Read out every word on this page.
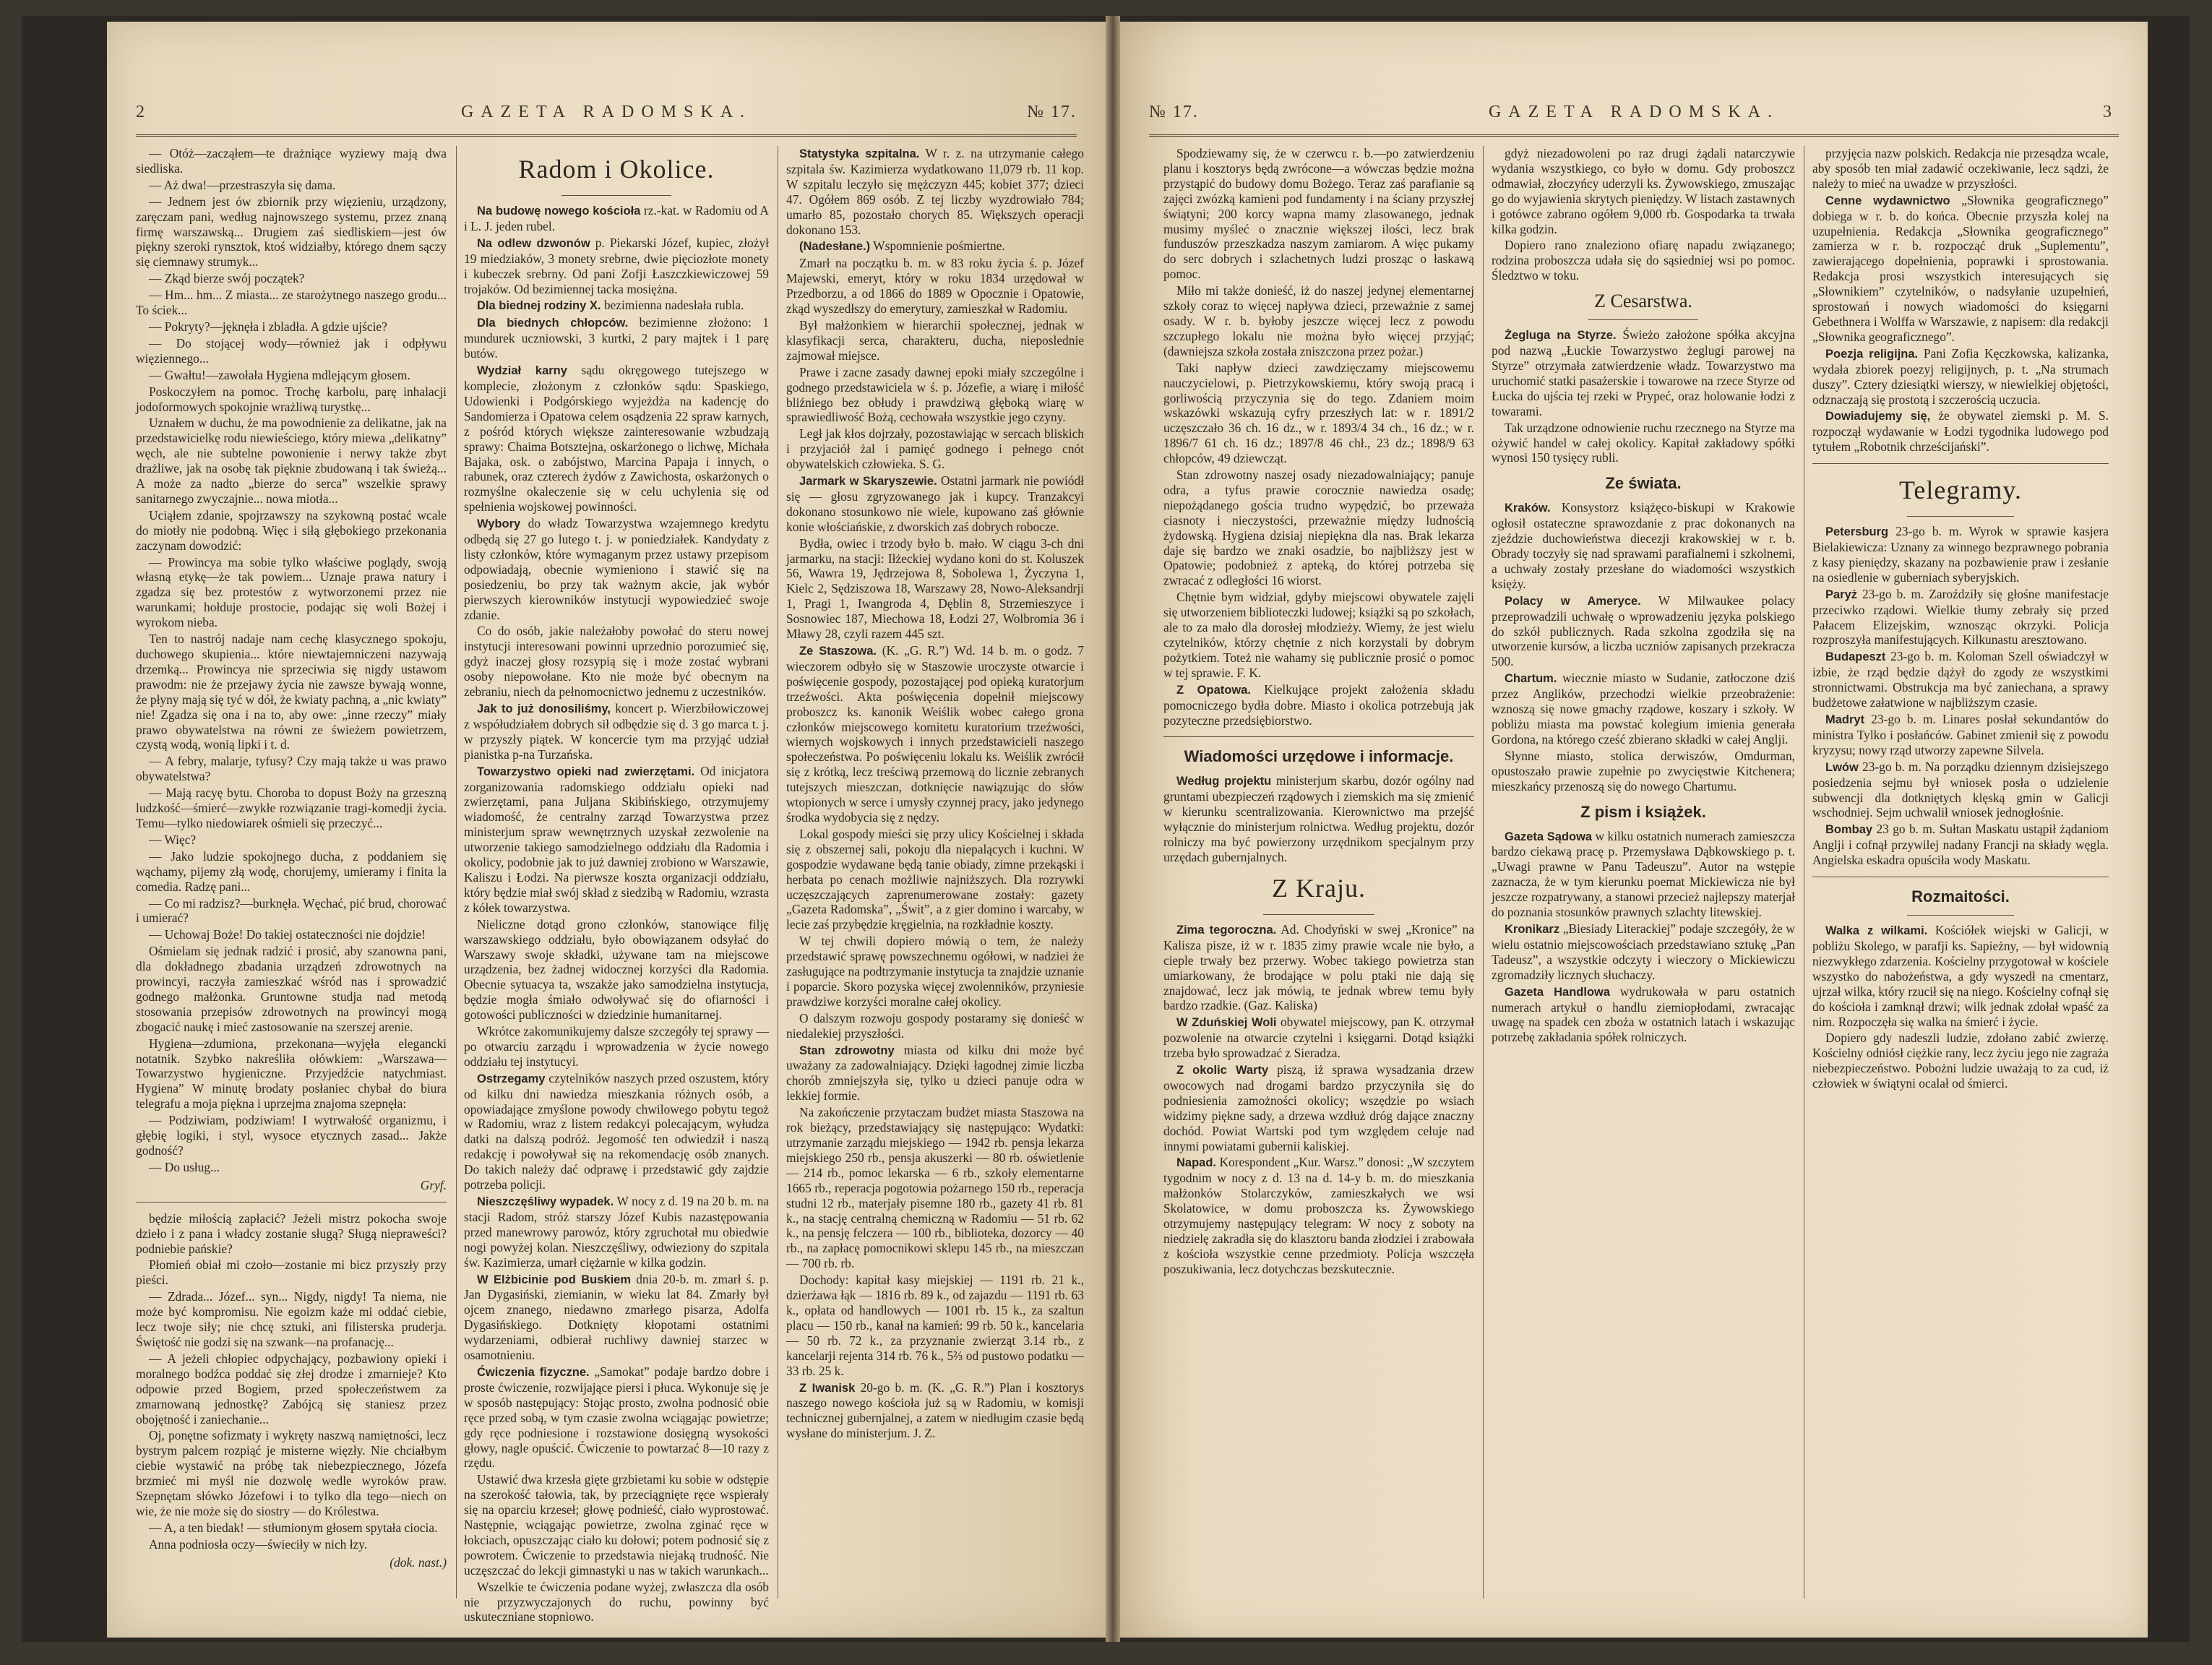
2	GAZETA RADOMSKA.	№ 17.

— Otóż—zacząłem—te drażniące wyziewy mają dwa siedliska.

— Aż dwa!—przestraszyła się dama.

— Jednem jest ów zbiornik przy więzieniu, urządzony, zaręczam pani, według najnowszego systemu, przez znaną firmę warszawską... Drugiem zaś siedliskiem—jest ów piękny szeroki rynsztok, ktoś widziałby, którego dnem sączy się ciemnawy strumyk...

— Zkąd bierze swój początek?

— Hm... hm... Z miasta... ze starożytnego naszego grodu... To ściek...

— Pokryty?—jęknęła i zbladła. A gdzie ujście?

— Do stojącej wody—również jak i odpływu więziennego...

— Gwałtu!—zawołała Hygiena mdlejącym głosem.

Poskoczyłem na pomoc. Trochę karbolu, parę inhalacji jodoformowych spokojnie wrażliwą turystkę...

Uznałem w duchu, że ma powodnienie za delikatne, jak na przedstawicielkę rodu niewieściego, który miewa „delikatny” węch, ale nie subtelne powonienie i nerwy także zbyt drażliwe, jak na osobę tak pięknie zbudowaną i tak świeżą... A może za nadto „bierze do serca” wszelkie sprawy sanitarnego zwyczajnie... nowa miotła...

Uciąłem zdanie, spojrzawszy na szykowną postać wcale do miotły nie podobną. Więc i siłą głębokiego przekonania zaczynam dowodzić:

— Prowincya ma sobie tylko właściwe poglądy, swoją własną etykę—że tak powiem... Uznaje prawa natury i zgadza się bez protestów z wytworzonemi przez nie warunkami; hołduje prostocie, podając się woli Bożej i wyrokom nieba.

Ten to nastrój nadaje nam cechę klasycznego spokoju, duchowego skupienia... które niewtajemniczeni nazywają drzemką... Prowincya nie sprzeciwia się nigdy ustawom prawodm: nie że przejawy życia nie zawsze bywają wonne, że płyny mają się tyć w dół, że kwiaty pachną, a „nic kwiaty” nie! Zgadza się ona i na to, aby owe: „inne rzeczy” miały prawo obywatelstwa na równi ze świeżem powietrzem, czystą wodą, wonią lipki i t. d.

— A febry, malarje, tyfusy? Czy mają także u was prawo obywatelstwa?

— Mają racyę bytu. Choroba to dopust Boży na grzeszną ludzkość—śmierć—zwykłe rozwiązanie tragi-komedji życia. Temu—tylko niedowiarek ośmieli się przeczyć...

— Więc?

— Jako ludzie spokojnego ducha, z poddaniem się wąchamy, pijemy złą wodę, chorujemy, umieramy i finita la comedia. Radzę pani...

— Co mi radzisz?—burknęła. Węchać, pić brud, chorować i umierać?

— Uchowaj Boże! Do takiej ostateczności nie dojdzie!

Ośmielam się jednak radzić i prosić, aby szanowna pani, dla dokładnego zbadania urządzeń zdrowotnych na prowincyi, raczyła zamieszkać wśród nas i sprowadzić godnego małżonka. Gruntowne studja nad metodą stosowania przepisów zdrowotnych na prowincyi mogą zbogacić naukę i mieć zastosowanie na szerszej arenie.

Hygiena—zdumiona, przekonana—wyjęła elegancki notatnik. Szybko nakreśliła ołówkiem: „Warszawa—Towarzystwo hygieniczne. Przyjedźcie natychmiast. Hygiena” W minutę brodaty posłaniec chybał do biura telegrafu a moja piękna i uprzejma znajoma szepnęła:

— Podziwiam, podziwiam! I wytrwałość organizmu, i głębię logiki, i styl, wysoce etycznych zasad... Jakże godność?

— Do usług...

Gryf.

będzie miłością zapłacić? Jeżeli mistrz pokocha swoje dzieło i z pana i władcy zostanie sługą? Sługą niepraweści? podniebie pańskie?

Płomień obiał mi czoło—zostanie mi bicz przyszły przy pieści.

— Zdrada... Józef... syn... Nigdy, nigdy! Ta niema, nie może być kompromisu. Nie egoizm każe mi oddać ciebie, lecz twoje siły; nie chcę sztuki, ani filisterska pruderja. Świętość nie godzi się na szwank—na profanację...

— A jeżeli chłopiec odpychający, pozbawiony opieki i moralnego bodźca poddać się złej drodze i zmarnieje? Kto odpowie przed Bogiem, przed społeczeństwem za zmarnowaną jednostkę? Zabójcą się staniesz przez obojętność i zaniechanie...

Oj, ponętne sofizmaty i wykręty naszwą namiętności, lecz bystrym palcem rozpiąć je misterne więzły. Nie chciałbym ciebie wystawić na próbę tak niebezpiecznego, Józefa brzmieć mi myśl nie dozwolę wedle wyroków praw. Szepnętam słówko Józefowi i to tylko dla tego—niech on wie, że nie może się do siostry — do Królestwa.

— A, a ten biedak! — stłumionym głosem spytała ciocia.

Anna podniosła oczy—świeciły w nich łzy.

(dok. nast.)
Radom i Okolice.

Na budowę nowego kościoła rz.-kat. w Radomiu od A i L. J. jeden rubel.

Na odlew dzwonów p. Piekarski Józef, kupiec, złożył 19 miedziaków, 3 monety srebrne, dwie pięciozłote monety i kubeczek srebrny. Od pani Zofji Łaszczkiewiczowej 59 trojaków. Od bezimiennej tacka mosiężna.

Dla biednej rodziny X. bezimienna nadesłała rubla.

Dla biednych chłopców. bezimienne złożono: 1 mundurek uczniowski, 3 kurtki, 2 pary majtek i 1 parę butów.

Wydział karny sądu okręgowego tutejszego w komplecie, złożonym z członków sądu: Spaskiego, Udowienki i Podgórskiego wyjeżdża na kadencję do Sandomierza i Opatowa celem osądzenia 22 spraw karnych, z pośród których większe zainteresowanie wzbudzają sprawy: Chaima Botsztejna, oskarżonego o lichwę, Michała Bajaka, osk. o zabójstwo, Marcina Papaja i innych, o rabunek, oraz czterech żydów z Zawichosta, oskarżonych o rozmyślne okaleczenie się w celu uchylenia się od spełnienia wojskowej powinności.

Wybory do władz Towarzystwa wzajemnego kredytu odbędą się 27 go lutego t. j. w poniedziałek. Kandydaty z listy członków, które wymaganym przez ustawy przepisom odpowiadają, obecnie wymieniono i stawić się na posiedzeniu, bo przy tak ważnym akcie, jak wybór pierwszych kierowników instytucji wypowiedzieć swoje zdanie.

Co do osób, jakie należałoby powołać do steru nowej instytucji interesowani powinni uprzednio porozumieć się, gdyż inaczej głosy rozsypią się i może zostać wybrani osoby niepowołane. Kto nie może być obecnym na zebraniu, niech da pełnomocnictwo jednemu z uczestników.

Jak to już donosiliśmy, koncert p. Wierzbiłowiczowej z współudziałem dobrych sił odbędzie się d. 3 go marca t. j. w przyszły piątek. W koncercie tym ma przyjąć udział pianistka p-na Turzańska.

Towarzystwo opieki nad zwierzętami. Od inicjatora zorganizowania radomskiego oddziału opieki nad zwierzętami, pana Juljana Skibińskiego, otrzymujemy wiadomość, że centralny zarząd Towarzystwa przez ministerjum spraw wewnętrznych uzyskał zezwolenie na utworzenie takiego samodzielnego oddziału dla Radomia i okolicy, podobnie jak to już dawniej zrobiono w Warszawie, Kaliszu i Łodzi. Na pierwsze koszta organizacji oddziału, który będzie miał swój skład z siedzibą w Radomiu, wzrasta z kółek towarzystwa.

Nieliczne dotąd grono członków, stanowiące filję warszawskiego oddziału, było obowiązanem odsyłać do Warszawy swoje składki, używane tam na miejscowe urządzenia, bez żadnej widocznej korzyści dla Radomia. Obecnie sytuacya ta, wszakże jako samodzielna instytucja, będzie mogła śmiało odwoływać się do ofiarności i gotowości publiczności w dziedzinie humanitarnej.

Wkrótce zakomunikujemy dalsze szczegóły tej sprawy — po otwarciu zarządu i wprowadzenia w życie nowego oddziału tej instytucyi.

Ostrzegamy czytelników naszych przed oszustem, który od kilku dni nawiedza mieszkania różnych osób, a opowiadające zmyślone powody chwilowego pobytu tegoż w Radomiu, wraz z listem redakcyi polecającym, wyłudza datki na dalszą podróż. Jegomość ten odwiedził i naszą redakcję i powoływał się na rekomendację osób znanych. Do takich należy dać odprawę i przedstawić gdy zajdzie potrzeba policji.

Nieszczęśliwy wypadek. W nocy z d. 19 na 20 b. m. na stacji Radom, stróż starszy Józef Kubis nazastępowania przed manewrowy parowóz, który zgruchotał mu obiedwie nogi powyżej kolan. Nieszczęśliwy, odwieziony do szpitala św. Kazimierza, umarł ciężarnie w kilka godzin.

W Elżbicinie pod Buskiem dnia 20-b. m. zmarł ś. p. Jan Dygasiński, ziemianin, w wieku lat 84. Zmarły był ojcem znanego, niedawno zmarłego pisarza, Adolfa Dygasińskiego. Dotknięty kłopotami ostatnimi wydarzeniami, odbierał ruchliwy dawniej starzec w osamotnieniu.

Ćwiczenia fizyczne. „Samokat” podaje bardzo dobre i proste ćwiczenie, rozwijające piersi i płuca. Wykonuje się je w sposób następujący: Stojąc prosto, zwolna podnosić obie ręce przed sobą, w tym czasie zwolna wciągając powietrze; gdy ręce podniesione i rozstawione dosięgną wysokości głowy, nagle opuścić. Ćwiczenie to powtarzać 8—10 razy z rzędu.

Ustawić dwa krzesła gięte grzbietami ku sobie w odstępie na szerokość tałowia, tak, by przeciągnięte ręce wspierały się na oparciu krzeseł; głowę podnieść, ciało wyprostować. Następnie, wciągając powietrze, zwolna zginać ręce w łokciach, opuszczając ciało ku dołowi; potem podnosić się z powrotem. Ćwiczenie to przedstawia niejaką trudność. Nie uczęszczać do lekcji gimnastyki u nas w takich warunkach...

Wszelkie te ćwiczenia podane wyżej, zwłaszcza dla osób nie przyzwyczajonych do ruchu, powinny być uskuteczniane stopniowo.

Statystyka szpitalna. W r. z. na utrzymanie całego szpitala św. Kazimierza wydatkowano 11,079 rb. 11 kop. W szpitalu leczyło się mężczyzn 445; kobiet 377; dzieci 47. Ogółem 869 osób. Z tej liczby wyzdrowiało 784; umarło 85, pozostało chorych 85. Większych operacji dokonano 153.

(Nadesłane.) Wspomnienie pośmiertne.

Zmarł na początku b. m. w 83 roku życia ś. p. Józef Majewski, emeryt, który w roku 1834 urzędował w Przedborzu, a od 1866 do 1889 w Opocznie i Opatowie, zkąd wyszedłszy do emerytury, zamieszkał w Radomiu.

Był małżonkiem w hierarchii społecznej, jednak w klasyfikacji serca, charakteru, ducha, nieposlednie zajmował miejsce.

Prawe i zacne zasady dawnej epoki miały szczególne i godnego przedstawiciela w ś. p. Józefie, a wiarę i miłość bliźniego bez obłudy i prawdziwą głęboką wiarę w sprawiedliwość Bożą, cechowała wszystkie jego czyny.

Legł jak kłos dojrzały, pozostawiając w sercach bliskich i przyjaciół żal i pamięć godnego i pełnego cnót obywatelskich człowieka. S. G.

Jarmark w Skaryszewie. Ostatni jarmark nie powiódł się — głosu zgryzowanego jak i kupcy. Tranzakcyi dokonano stosunkowo nie wiele, kupowano zaś głównie konie włościańskie, z dworskich zaś dobrych robocze.

Bydła, owiec i trzody było b. mało. W ciągu 3-ch dni jarmarku, na stacji: Iłżeckiej wydano koni do st. Koluszek 56, Wawra 19, Jędrzejowa 8, Sobolewa 1, Życzyna 1, Kielc 2, Sędziszowa 18, Warszawy 28, Nowo-Aleksandrji 1, Pragi 1, Iwangroda 4, Dęblin 8, Strzemieszyce i Sosnowiec 187, Miechowa 18, Łodzi 27, Wolbromia 36 i Mławy 28, czyli razem 445 szt.

Ze Staszowa. (K. „G. R.”) Wd. 14 b. m. o godz. 7 wieczorem odbyło się w Staszowie uroczyste otwarcie i poświęcenie gospody, pozostającej pod opieką kuratorjum trzeźwości. Akta poświęcenia dopełnił miejscowy proboszcz ks. kanonik Weiślik wobec całego grona członków miejscowego komitetu kuratorium trzeźwości, wiernych wojskowych i innych przedstawicieli naszego społeczeństwa. Po poświęceniu lokalu ks. Weiślik zwrócił się z krótką, lecz treściwą przemową do licznie zebranych tutejszych mieszczan, dotknięcie nawiązując do słów wtopionych w serce i umysły czynnej pracy, jako jedynego środka wydobycia się z nędzy.

Lokal gospody mieści się przy ulicy Kościelnej i składa się z obszernej sali, pokoju dla niepalących i kuchni. W gospodzie wydawane będą tanie obiady, zimne przekąski i herbata po cenach możliwie najniższych. Dla rozrywki uczęszczających zaprenumerowane zostały: gazety „Gazeta Radomska”, „Świt”, a z gier domino i warcaby, w lecie zaś przybędzie kręgielnia, na rozkładnie koszty.

W tej chwili dopiero mówią o tem, że należy przedstawić sprawę powszechnemu ogółowi, w nadziei że zasługujące na podtrzymanie instytucja ta znajdzie uznanie i poparcie. Skoro pozyska więcej zwolenników, przyniesie prawdziwe korzyści moralne całej okolicy.

O dalszym rozwoju gospody postaramy się donieść w niedalekiej przyszłości.

Stan zdrowotny miasta od kilku dni może być uważany za zadowalniający. Dzięki łagodnej zimie liczba chorób zmniejszyła się, tylko u dzieci panuje odra w lekkiej formie.

Na zakończenie przytaczam budżet miasta Staszowa na rok bieżący, przedstawiający się następująco: Wydatki: utrzymanie zarządu miejskiego — 1942 rb. pensja lekarza miejskiego 250 rb., pensja akuszerki — 80 rb. oświetlenie — 214 rb., pomoc lekarska — 6 rb., szkoły elementarne 1665 rb., reperacja pogotowia pożarnego 150 rb., reperacja studni 12 rb., materjały pisemne 180 rb., gazety 41 rb. 81 k., na stację centralną chemiczną w Radomiu — 51 rb. 62 k., na pensję felczera — 100 rb., biblioteka, dozorcy — 40 rb., na zapłacę pomocnikowi sklepu 145 rb., na mieszczan — 700 rb. rb.

Dochody: kapitał kasy miejskiej — 1191 rb. 21 k., dzierżawa łąk — 1816 rb. 89 k., od zajazdu — 1191 rb. 63 k., opłata od handlowych — 1001 rb. 15 k., za szaltun placu — 150 rb., kanał na kamień: 99 rb. 50 k., kancelaria — 50 rb. 72 k., za przyznanie zwierząt 3.14 rb., z kancelarji rejenta 314 rb. 76 k., 5⅔ od pustowo podatku — 33 rb. 25 k.

Z Iwanisk 20-go b. m. (K. „G. R.”) Plan i kosztorys naszego nowego kościoła już są w Radomiu, w komisji technicznej gubernjalnej, a zatem w niedługim czasie będą wysłane do ministerjum. J. Z.

№ 17.	GAZETA RADOMSKA.	3

Spodziewamy się, że w czerwcu r. b.—po zatwierdzeniu planu i kosztorys będą zwrócone—a wówczas będzie można przystąpić do budowy domu Bożego. Teraz zaś parafianie są zajęci zwózką kamieni pod fundamenty i na ściany przyszłej świątyni; 200 korcy wapna mamy zlasowanego, jednak musimy myśleć o znacznie większej ilości, lecz brak funduszów przeszkadza naszym zamiarom. A więc pukamy do serc dobrych i szlachetnych ludzi prosząc o łaskawą pomoc.

Miło mi także donieść, iż do naszej jedynej elementarnej szkoły coraz to więcej napływa dzieci, przeważnie z samej osady. W r. b. byłoby jeszcze więcej lecz z powodu szczupłego lokalu nie można było więcej przyjąć; (dawniejsza szkoła została zniszczona przez pożar.)

Taki napływ dzieci zawdzięczamy miejscowemu nauczycielowi, p. Pietrzykowskiemu, który swoją pracą i gorliwością przyczynia się do tego. Zdaniem moim wskazówki wskazują cyfry przeszłych lat: w r. 1891/2 uczęszczało 36 ch. 16 dz., w r. 1893/4 34 ch., 16 dz.; w r. 1896/7 61 ch. 16 dz.; 1897/8 46 chł., 23 dz.; 1898/9 63 chłopców, 49 dziewcząt.

Stan zdrowotny naszej osady niezadowalniający; panuje odra, a tyfus prawie corocznie nawiedza osadę; niepożądanego gościa trudno wypędzić, bo przeważa ciasnoty i nieczystości, przeważnie między ludnością żydowską. Hygiena dzisiaj niepiękna dla nas. Brak lekarza daje się bardzo we znaki osadzie, bo najbliższy jest w Opatowie; podobnież z apteką, do której potrzeba się zwracać z odległości 16 wiorst.

Chętnie bym widział, gdyby miejscowi obywatele zajęli się utworzeniem biblioteczki ludowej; książki są po szkołach, ale to za mało dla dorosłej młodzieży. Wiemy, że jest wielu czytelników, którzy chętnie z nich korzystali by dobrym pożytkiem. Toteż nie wahamy się publicznie prosić o pomoc w tej sprawie. F. K.

Z Opatowa. Kielkujące projekt założenia składu pomocniczego bydła dobre. Miasto i okolica potrzebują jak pozyteczne przedsiębiorstwo.

Wiadomości urzędowe i informacje.

Według projektu ministerjum skarbu, dozór ogólny nad gruntami ubezpieczeń rządowych i ziemskich ma się zmienić w kierunku scentralizowania. Kierownictwo ma przejść wyłącznie do ministerjum rolnictwa. Według projektu, dozór rolniczy ma być powierzony urzędnikom specjalnym przy urzędach gubernjalnych.

Z Kraju.

Zima tegoroczna. Ad. Chodyński w swej „Kronice” na Kalisza pisze, iż w r. 1835 zimy prawie wcale nie było, a cieple trwały bez przerwy. Wobec takiego powietrza stan umiarkowany, że brodające w polu ptaki nie dają się znajdować, lecz jak mówią, te jednak wbrew temu były bardzo rzadkie. (Gaz. Kaliska)

W Zduńskiej Woli obywatel miejscowy, pan K. otrzymał pozwolenie na otwarcie czytelni i księgarni. Dotąd książki trzeba było sprowadzać z Sieradza.

Z okolic Warty piszą, iż sprawa wysadzania drzew owocowych nad drogami bardzo przyczyniła się do podniesienia zamożności okolicy; wszędzie po wsiach widzimy piękne sady, a drzewa wzdłuż dróg dające znaczny dochód. Powiat Wartski pod tym względem celuje nad innymi powiatami gubernii kaliskiej.

Napad. Korespondent „Kur. Warsz.” donosi: „W szczytem tygodnim w nocy z d. 13 na d. 14-y b. m. do mieszkania małżonków Stolarczyków, zamieszkałych we wsi Skolatowice, w domu proboszcza ks. Żywowskiego otrzymujemy następujący telegram: W nocy z soboty na niedzielę zakradła się do klasztoru banda złodziei i zrabowała z kościoła wszystkie cenne przedmioty. Policja wszczęła poszukiwania, lecz dotychczas bezskutecznie.

gdyż niezadowoleni po raz drugi żądali natarczywie wydania wszystkiego, co było w domu. Gdy proboszcz odmawiał, złoczyńcy uderzyli ks. Żywowskiego, zmuszając go do wyjawienia skrytych pieniędzy. W listach zastawnych i gotówce zabrano ogółem 9,000 rb. Gospodarka ta trwała kilka godzin.

Dopiero rano znaleziono ofiarę napadu związanego; rodzina proboszcza udała się do sąsiedniej wsi po pomoc. Śledztwo w toku.

Z Cesarstwa.

Żegluga na Styrze. Świeżo założone spółka akcyjna pod nazwą „Łuckie Towarzystwo żeglugi parowej na Styrze” otrzymała zatwierdzenie władz. Towarzystwo ma uruchomić statki pasażerskie i towarowe na rzece Styrze od Łucka do ujścia tej rzeki w Prypeć, oraz holowanie łodzi z towarami.

Tak urządzone odnowienie ruchu rzecznego na Styrze ma ożywić handel w całej okolicy. Kapitał zakładowy spółki wynosi 150 tysięcy rubli.

Ze świata.

Kraków. Konsystorz książęco-biskupi w Krakowie ogłosił ostateczne sprawozdanie z prac dokonanych na zjeździe duchowieństwa diecezji krakowskiej w r. b. Obrady toczyły się nad sprawami parafialnemi i szkolnemi, a uchwały zostały przesłane do wiadomości wszystkich księży.

Polacy w Ameryce. W Milwaukee polacy przeprowadzili uchwałę o wprowadzeniu języka polskiego do szkół publicznych. Rada szkolna zgodziła się na utworzenie kursów, a liczba uczniów zapisanych przekracza 500.

Chartum. wiecznie miasto w Sudanie, zatłoczone dziś przez Anglików, przechodzi wielkie przeobrażenie: wznoszą się nowe gmachy rządowe, koszary i szkoły. W pobliżu miasta ma powstać kolegium imienia generała Gordona, na którego cześć zbierano składki w całej Anglji.

Słynne miasto, stolica derwiszów, Omdurman, opustoszało prawie zupełnie po zwycięstwie Kitchenera; mieszkańcy przenoszą się do nowego Chartumu.

Z pism i książek.

Gazeta Sądowa w kilku ostatnich numerach zamieszcza bardzo ciekawą pracę p. Przemysława Dąbkowskiego p. t. „Uwagi prawne w Panu Tadeuszu”. Autor na wstępie zaznacza, że w tym kierunku poemat Mickiewicza nie był jeszcze rozpatrywany, a stanowi przecież najlepszy materjał do poznania stosunków prawnych szlachty litewskiej.

Kronikarz „Biesiady Literackiej” podaje szczegóły, że w wielu ostatnio miejscowościach przedstawiano sztukę „Pan Tadeusz”, a wszystkie odczyty i wieczory o Mickiewiczu zgromadziły licznych słuchaczy.

Gazeta Handlowa wydrukowała w paru ostatnich numerach artykuł o handlu ziemiopłodami, zwracając uwagę na spadek cen zboża w ostatnich latach i wskazując potrzebę zakładania spółek rolniczych.

przyjęcia nazw polskich. Redakcja nie przesądza wcale, aby sposób ten miał zadawić oczekiwanie, lecz sądzi, że należy to mieć na uwadze w przyszłości.

Cenne wydawnictwo „Słownika geograficznego” dobiega w r. b. do końca. Obecnie przyszła kolej na uzupełnienia. Redakcja „Słownika geograficznego” zamierza w r. b. rozpocząć druk „Suplementu”, zawierającego dopełnienia, poprawki i sprostowania. Redakcja prosi wszystkich interesujących się „Słownikiem” czytelników, o nadsyłanie uzupełnień, sprostowań i nowych wiadomości do księgarni Gebethnera i Wolffa w Warszawie, z napisem: dla redakcji „Słownika geograficznego”.

Poezja religijna. Pani Zofia Kęczkowska, kalizanka, wydała zbiorek poezyj religijnych, p. t. „Na strumach duszy”. Cztery dziesiątki wierszy, w niewielkiej objętości, odznaczają się prostotą i szczerością uczucia.

Dowiadujemy się, że obywatel ziemski p. M. S. rozpoczął wydawanie w Łodzi tygodnika ludowego pod tytułem „Robotnik chrześcijański”.

Telegramy.

Petersburg 23-go b. m. Wyrok w sprawie kasjera Bielakiewicza: Uznany za winnego bezprawnego pobrania z kasy pieniędzy, skazany na pozbawienie praw i zesłanie na osiedlenie w guberniach syberyjskich.

Paryż 23-go b. m. Zaroździły się głośne manifestacje przeciwko rządowi. Wielkie tłumy zebrały się przed Pałacem Elizejskim, wznosząc okrzyki. Policja rozproszyła manifestujących. Kilkunastu aresztowano.

Budapeszt 23-go b. m. Koloman Szell oświadczył w izbie, że rząd będzie dążył do zgody ze wszystkimi stronnictwami. Obstrukcja ma być zaniechana, a sprawy budżetowe załatwione w najbliższym czasie.

Madryt 23-go b. m. Linares posłał sekundantów do ministra Tylko i posłańców. Gabinet zmienił się z powodu kryzysu; nowy rząd utworzy zapewne Silvela.

Lwów 23-go b. m. Na porządku dziennym dzisiejszego posiedzenia sejmu był wniosek posła o udzielenie subwencji dla dotkniętych klęską gmin w Galicji wschodniej. Sejm uchwalił wniosek jednogłośnie.

Bombay 23 go b. m. Sułtan Maskatu ustąpił żądaniom Anglji i cofnął przywilej nadany Francji na składy węgla. Angielska eskadra opuściła wody Maskatu.

Rozmaitości.

Walka z wilkami. Kościółek wiejski w Galicji, w pobliżu Skolego, w parafji ks. Sapieżny, — był widownią niezwykłego zdarzenia. Kościelny przygotował w kościele wszystko do nabożeństwa, a gdy wyszedł na cmentarz, ujrzał wilka, który rzucił się na niego. Kościelny cofnął się do kościoła i zamknął drzwi; wilk jednak zdołał wpaść za nim. Rozpoczęła się walka na śmierć i życie.

Dopiero gdy nadeszli ludzie, zdołano zabić zwierzę. Kościelny odniósł ciężkie rany, lecz życiu jego nie zagraża niebezpieczeństwo. Pobożni ludzie uważają to za cud, iż człowiek w świątyni ocalał od śmierci.
